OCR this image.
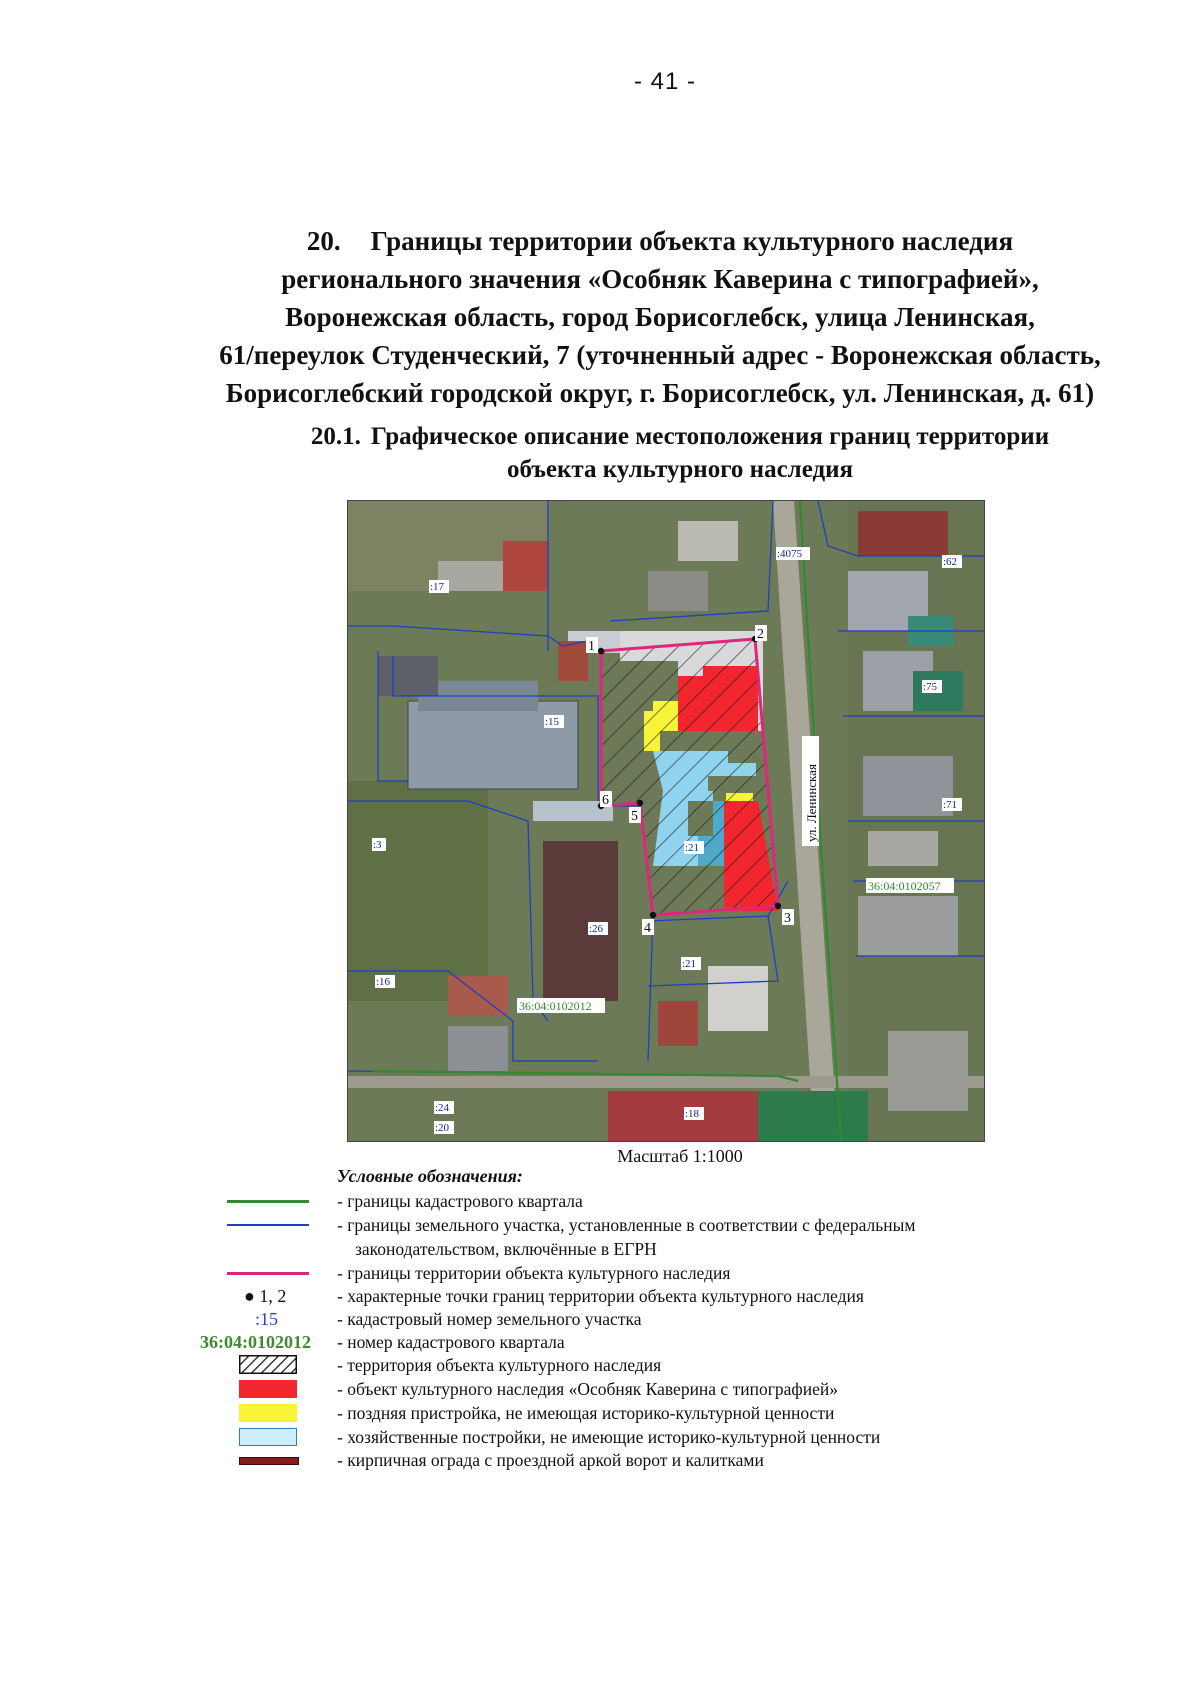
- 41 -
20. Границы территории объекта культурного наследия
регионального значения «Особняк Каверина с типографией»,
Воронежская область, город Борисоглебск, улица Ленинская,
61/переулок Студенческий, 7 (уточненный адрес - Воронежская область,
Борисоглебский городской округ, г. Борисоглебск, ул. Ленинская, д. 61)
20.1. Графическое описание местоположения границ территории
объекта культурного наследия
1
2
3
4
5
6	ул. Ленинская
:17
:15
:3
:16
:26
:21
:21
:4075
:62
:75
:71
:24
:20
:18
36:04:0102057
36:04:0102012
Масштаб 1:1000
Условные обозначения:
- границы кадастрового квартала
- границы земельного участка, установленные в соответствии с федеральным
законодательством, включённые в ЕГРН
- границы территории объекта культурного наследия
● 1, 2	- характерные точки границ территории объекта культурного наследия
:15	- кадастровый номер земельного участка
36:04:0102012 - номер кадастрового квартала
- территория объекта культурного наследия
- объект культурного наследия «Особняк Каверина с типографией»
- поздняя пристройка, не имеющая историко-культурной ценности
- хозяйственные постройки, не имеющие историко-культурной ценности
- кирпичная ограда с проездной аркой ворот и калитками
